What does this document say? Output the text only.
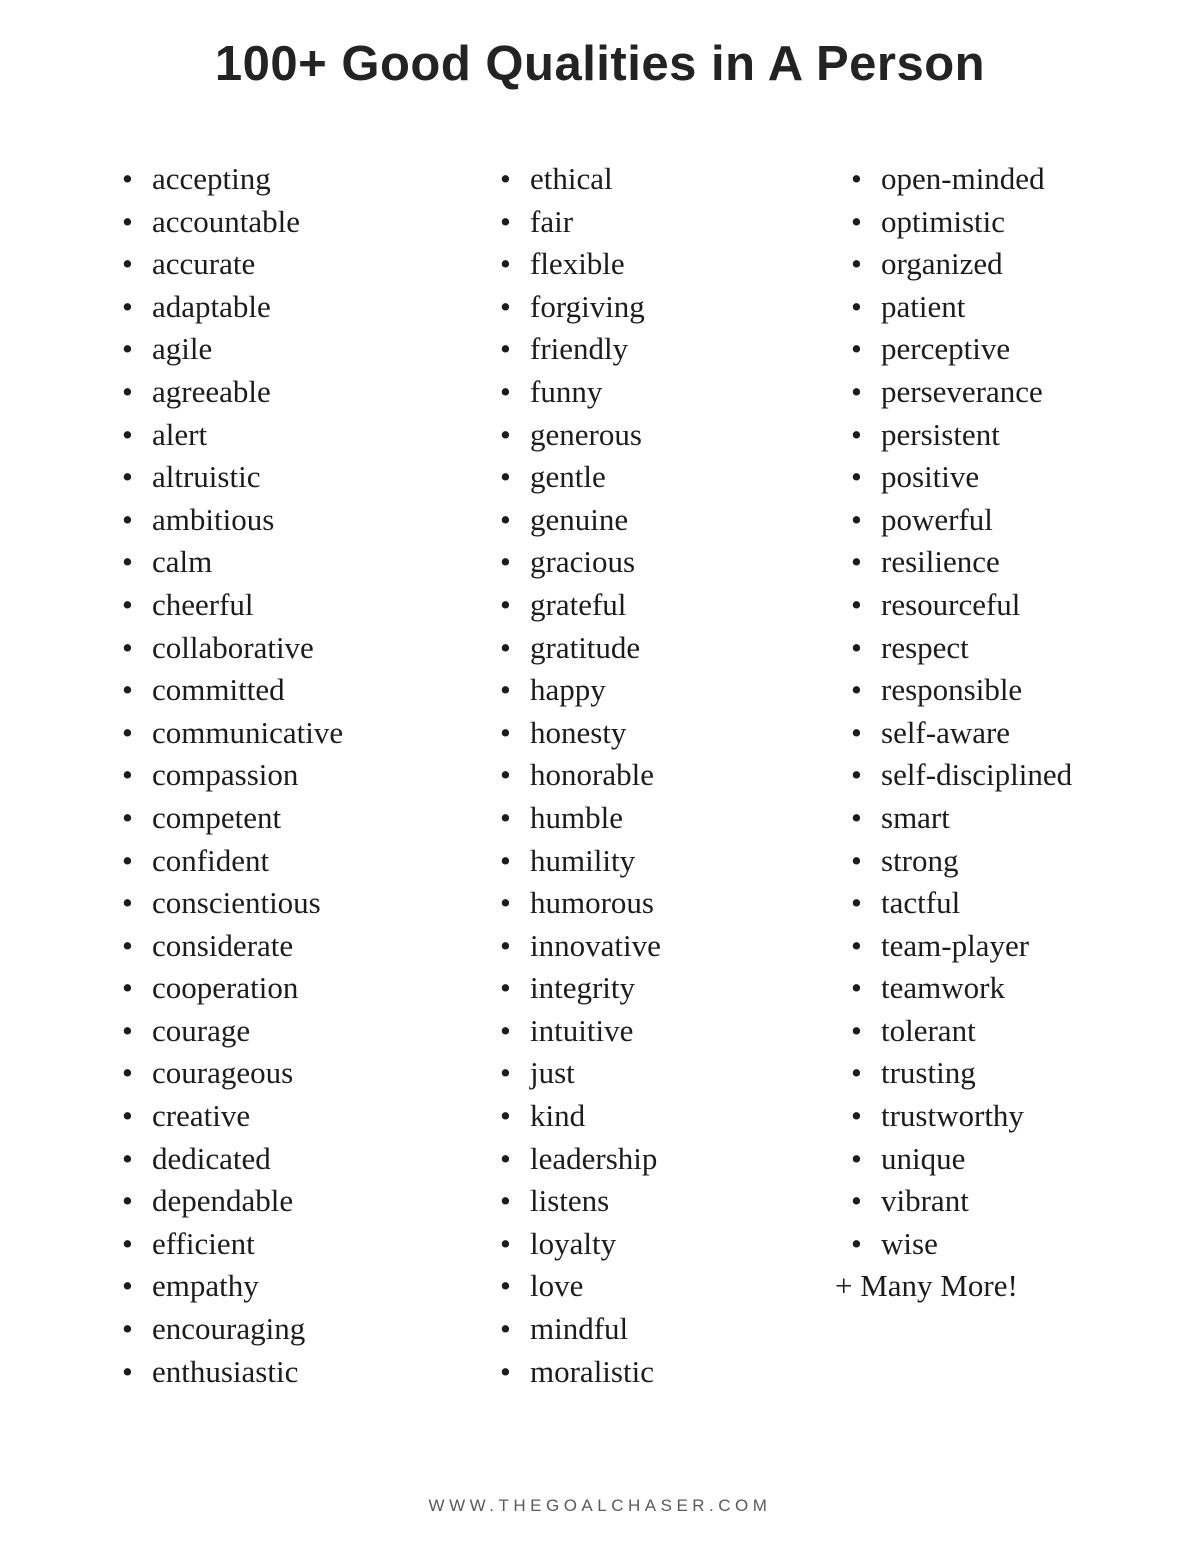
100+ Good Qualities in A Person
• accepting
• accountable
• accurate
• adaptable
• agile
• agreeable
• alert
• altruistic
• ambitious
• calm
• cheerful
• collaborative
• committed
• communicative
• compassion
• competent
• confident
• conscientious
• considerate
• cooperation
• courage
• courageous
• creative
• dedicated
• dependable
• efficient
• empathy
• encouraging
• enthusiastic
• ethical
• fair
• flexible
• forgiving
• friendly
• funny
• generous
• gentle
• genuine
• gracious
• grateful
• gratitude
• happy
• honesty
• honorable
• humble
• humility
• humorous
• innovative
• integrity
• intuitive
• just
• kind
• leadership
• listens
• loyalty
• love
• mindful
• moralistic
• open-minded
• optimistic
• organized
• patient
• perceptive
• perseverance
• persistent
• positive
• powerful
• resilience
• resourceful
• respect
• responsible
• self-aware
• self-disciplined
• smart
• strong
• tactful
• team-player
• teamwork
• tolerant
• trusting
• trustworthy
• unique
• vibrant
• wise
+ Many More!
WWW.THEGOALCHASER.COM
